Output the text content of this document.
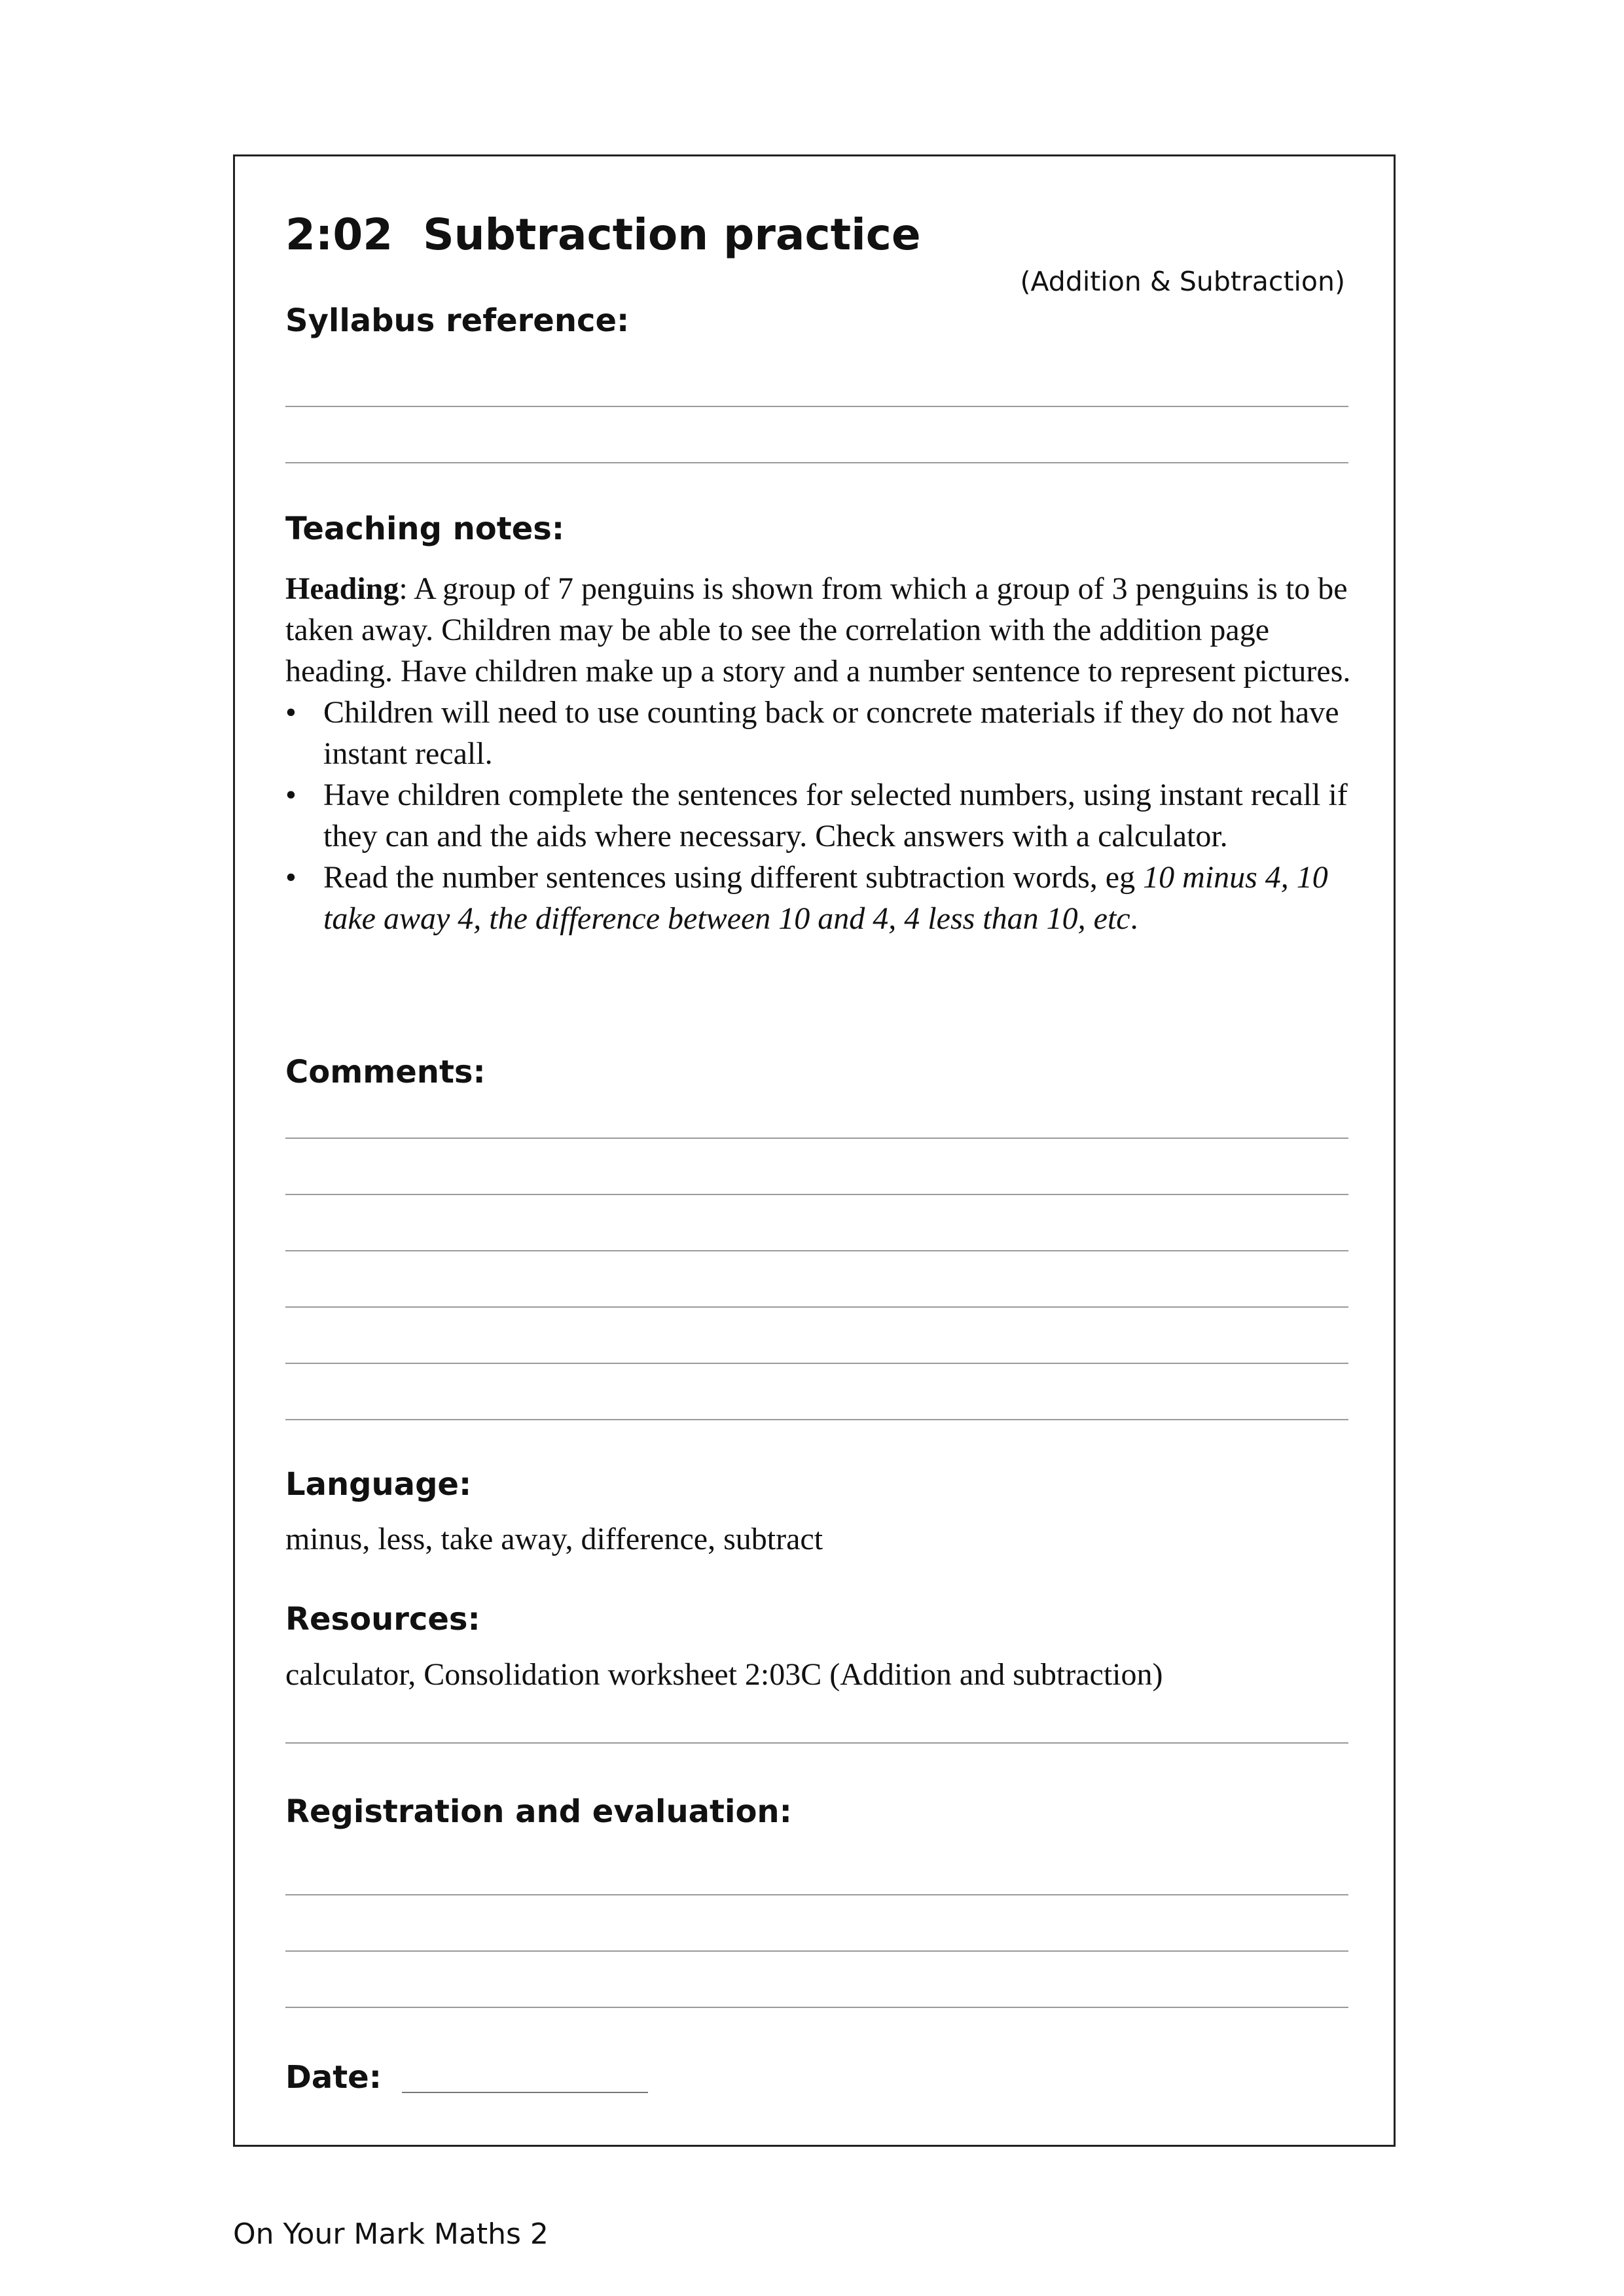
2:02  Subtraction practice
(Addition & Subtraction)
Syllabus reference:
Teaching notes:

Heading: A group of 7 penguins is shown from which a group of 3 penguins is to be taken away. Children may be able to see the correlation with the addition page heading. Have children make up a story and a number sentence to represent pictures.

• Children will need to use counting back or concrete materials if they do not have instant recall.
• Have children complete the sentences for selected numbers, using instant recall if they can and the aids where necessary. Check answers with a calculator.
• Read the number sentences using different subtraction words, eg 10 minus 4, 10 take away 4, the difference between 10 and 4, 4 less than 10, etc.
Comments:
Language:
minus, less, take away, difference, subtract
Resources:
calculator, Consolidation worksheet 2:03C (Addition and subtraction)
Registration and evaluation:
Date:
On Your Mark Maths 2
